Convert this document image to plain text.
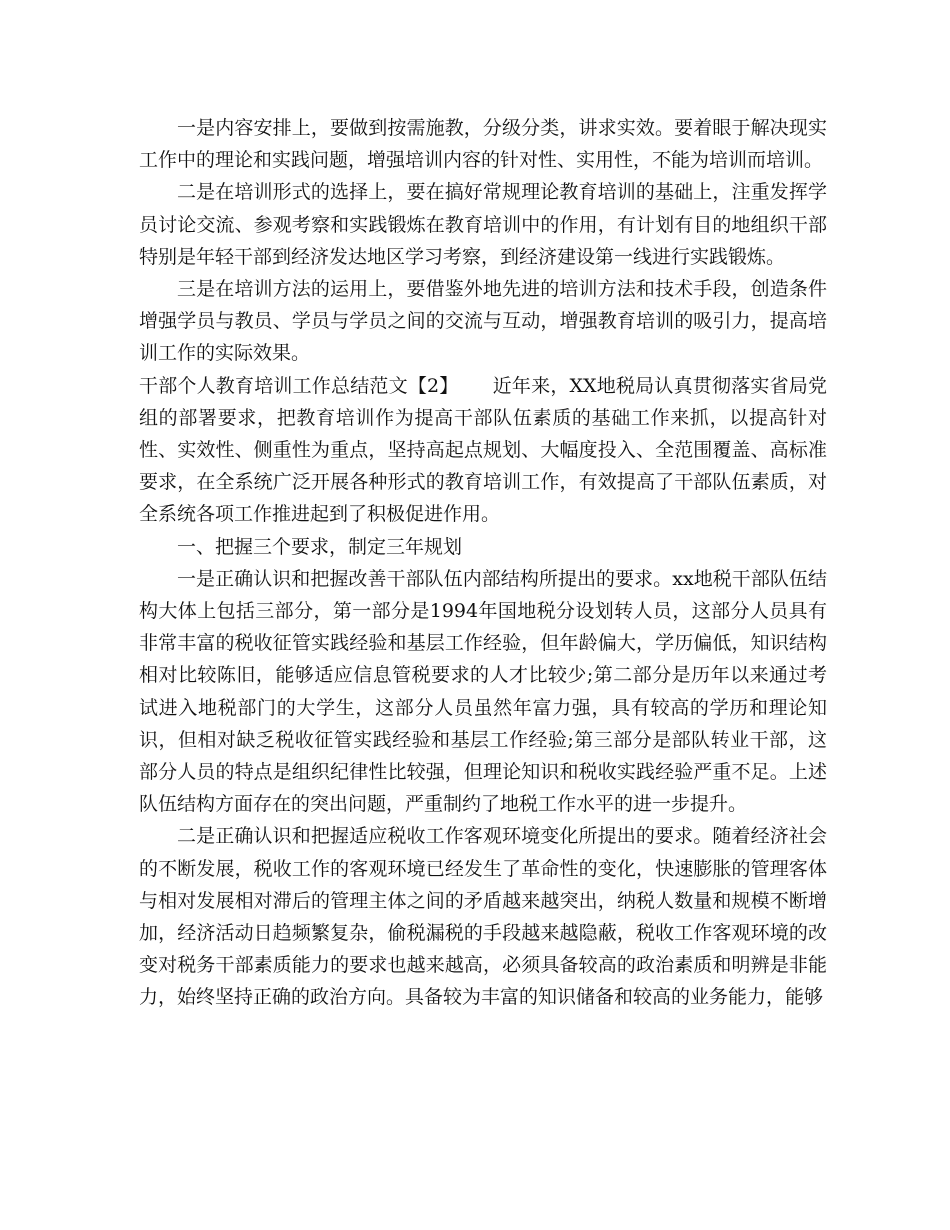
一是内容安排上，要做到按需施教，分级分类，讲求实效。要着眼于解决现实工作中的理论和实践问题，增强培训内容的针对性、实用性，不能为培训而培训。

二是在培训形式的选择上，要在搞好常规理论教育培训的基础上，注重发挥学员讨论交流、参观考察和实践锻炼在教育培训中的作用，有计划有目的地组织干部特别是年轻干部到经济发达地区学习考察，到经济建设第一线进行实践锻炼。

三是在培训方法的运用上，要借鉴外地先进的培训方法和技术手段，创造条件增强学员与教员、学员与学员之间的交流与互动，增强教育培训的吸引力，提高培训工作的实际效果。

干部个人教育培训工作总结范文【2】 近年来，XX地税局认真贯彻落实省局党组的部署要求，把教育培训作为提高干部队伍素质的基础工作来抓，以提高针对性、实效性、侧重性为重点，坚持高起点规划、大幅度投入、全范围覆盖、高标准要求，在全系统广泛开展各种形式的教育培训工作，有效提高了干部队伍素质，对全系统各项工作推进起到了积极促进作用。

一、把握三个要求，制定三年规划

一是正确认识和把握改善干部队伍内部结构所提出的要求。xx地税干部队伍结构大体上包括三部分，第一部分是1994年国地税分设划转人员，这部分人员具有非常丰富的税收征管实践经验和基层工作经验，但年龄偏大，学历偏低，知识结构相对比较陈旧，能够适应信息管税要求的人才比较少;第二部分是历年以来通过考试进入地税部门的大学生，这部分人员虽然年富力强，具有较高的学历和理论知识，但相对缺乏税收征管实践经验和基层工作经验;第三部分是部队转业干部，这部分人员的特点是组织纪律性比较强，但理论知识和税收实践经验严重不足。上述队伍结构方面存在的突出问题，严重制约了地税工作水平的进一步提升。

二是正确认识和把握适应税收工作客观环境变化所提出的要求。随着经济社会的不断发展，税收工作的客观环境已经发生了革命性的变化，快速膨胀的管理客体与相对发展相对滞后的管理主体之间的矛盾越来越突出，纳税人数量和规模不断增加，经济活动日趋频繁复杂，偷税漏税的手段越来越隐蔽，税收工作客观环境的改变对税务干部素质能力的要求也越来越高，必须具备较高的政治素质和明辨是非能力，始终坚持正确的政治方向。具备较为丰富的知识储备和较高的业务能力，能够
